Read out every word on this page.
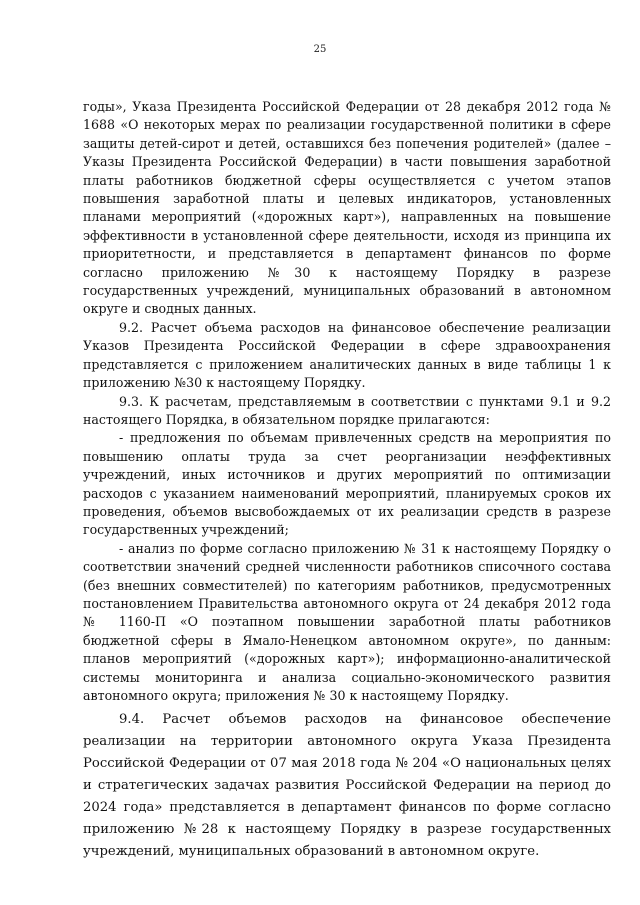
25

годы», Указа Президента Российской Федерации от 28 декабря 2012 года № 1688 «О некоторых мерах по реализации государственной политики в сфере защиты детей-сирот и детей, оставшихся без попечения родителей» (далее – Указы Президента Российской Федерации) в части повышения заработной платы работников бюджетной сферы осуществляется с учетом этапов повышения заработной платы и целевых индикаторов, установленных планами мероприятий («дорожных карт»), направленных на повышение эффективности в установленной сфере деятельности, исходя из принципа их приоритетности, и представляется в департамент финансов по форме согласно приложению №30 к настоящему Порядку в разрезе государственных учреждений, муниципальных образований в автономном округе и сводных данных.

9.2. Расчет объема расходов на финансовое обеспечение реализации Указов Президента Российской Федерации в сфере здравоохранения представляется с приложением аналитических данных в виде таблицы 1 к приложению №30 к настоящему Порядку.

9.3. К расчетам, представляемым в соответствии с пунктами 9.1 и 9.2 настоящего Порядка, в обязательном порядке прилагаются:

- предложения по объемам привлеченных средств на мероприятия по повышению оплаты труда за счет реорганизации неэффективных учреждений, иных источников и других мероприятий по оптимизации расходов с указанием наименований мероприятий, планируемых сроков их проведения, объемов высвобождаемых от их реализации средств в разрезе государственных учреждений;

- анализ по форме согласно приложению № 31 к настоящему Порядку о соответствии значений средней численности работников списочного состава (без внешних совместителей) по категориям работников, предусмотренных постановлением Правительства автономного округа от 24 декабря 2012 года № 1160-П «О поэтапном повышении заработной платы работников бюджетной сферы в Ямало-Ненецком автономном округе», по данным: планов мероприятий («дорожных карт»); информационно-аналитической системы мониторинга и анализа социально-экономического развития автономного округа; приложения № 30 к настоящему Порядку.

9.4. Расчет объемов расходов на финансовое обеспечение реализации на территории автономного округа Указа Президента Российской Федерации от 07 мая 2018 года № 204 «О национальных целях и стратегических задачах развития Российской Федерации на период до 2024 года» представляется в департамент финансов по форме согласно приложению №28 к настоящему Порядку в разрезе государственных учреждений, муниципальных образований в автономном округе.
